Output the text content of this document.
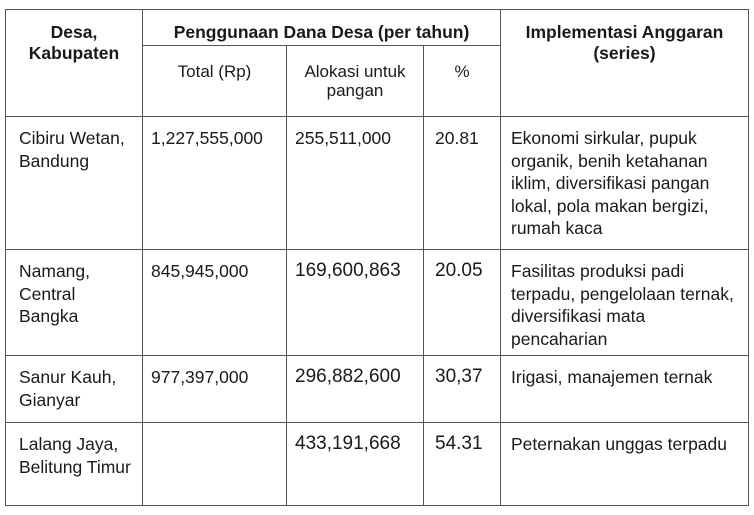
Desa, Kabupaten	Penggunaan Dana Desa (per tahun)			Implementasi Anggaran (series)

	Total (Rp)	Alokasi untuk pangan	%	

Cibiru Wetan, Bandung	1,227,555,000	255,511,000	20.81	Ekonomi sirkular, pupuk organik, benih ketahanan iklim, diversifikasi pangan lokal, pola makan bergizi, rumah kaca
Namang, Central Bangka	845,945,000	169,600,863	20.05	Fasilitas produksi padi terpadu, pengelolaan ternak, diversifikasi mata pencaharian
Sanur Kauh, Gianyar	977,397,000	296,882,600	30,37	Irigasi, manajemen ternak
Lalang Jaya, Belitung Timur		433,191,668	54.31	Peternakan unggas terpadu
